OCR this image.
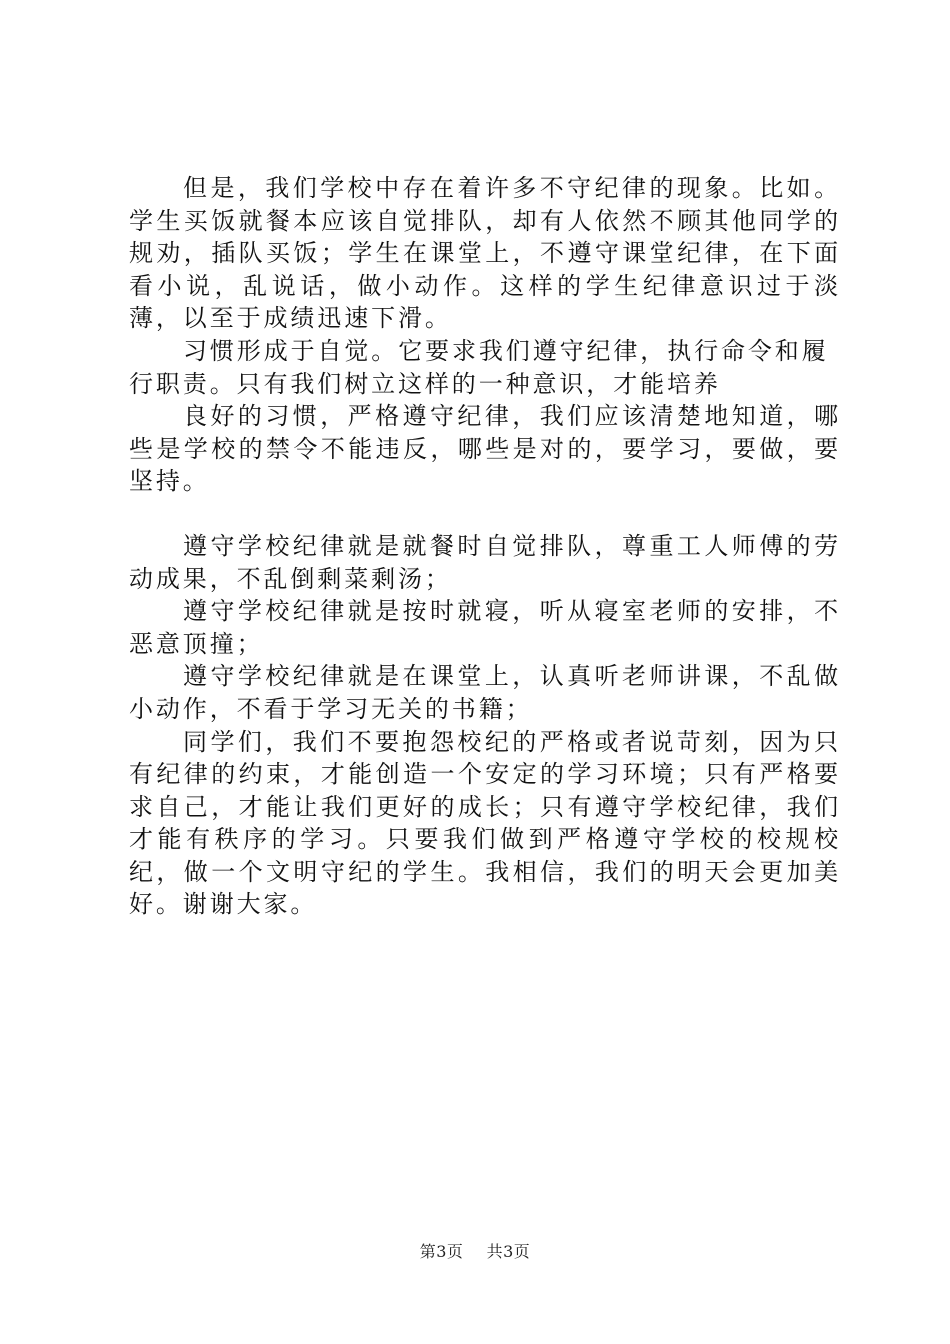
但是，我们学校中存在着许多不守纪律的现象。比如。学生买饭就餐本应该自觉排队，却有人依然不顾其他同学的规劝，插队买饭；学生在课堂上，不遵守课堂纪律，在下面看小说，乱说话，做小动作。这样的学生纪律意识过于淡薄，以至于成绩迅速下滑。

习惯形成于自觉。它要求我们遵守纪律，执行命令和履行职责。只有我们树立这样的一种意识，才能培养

良好的习惯，严格遵守纪律，我们应该清楚地知道，哪些是学校的禁令不能违反，哪些是对的，要学习，要做，要坚持。

遵守学校纪律就是就餐时自觉排队，尊重工人师傅的劳动成果，不乱倒剩菜剩汤；

遵守学校纪律就是按时就寝，听从寝室老师的安排，不恶意顶撞；

遵守学校纪律就是在课堂上，认真听老师讲课，不乱做小动作，不看于学习无关的书籍；

同学们，我们不要抱怨校纪的严格或者说苛刻，因为只有纪律的约束，才能创造一个安定的学习环境；只有严格要求自己，才能让我们更好的成长；只有遵守学校纪律，我们才能有秩序的学习。只要我们做到严格遵守学校的校规校纪，做一个文明守纪的学生。我相信，我们的明天会更加美好。谢谢大家。

第3页 共3页
